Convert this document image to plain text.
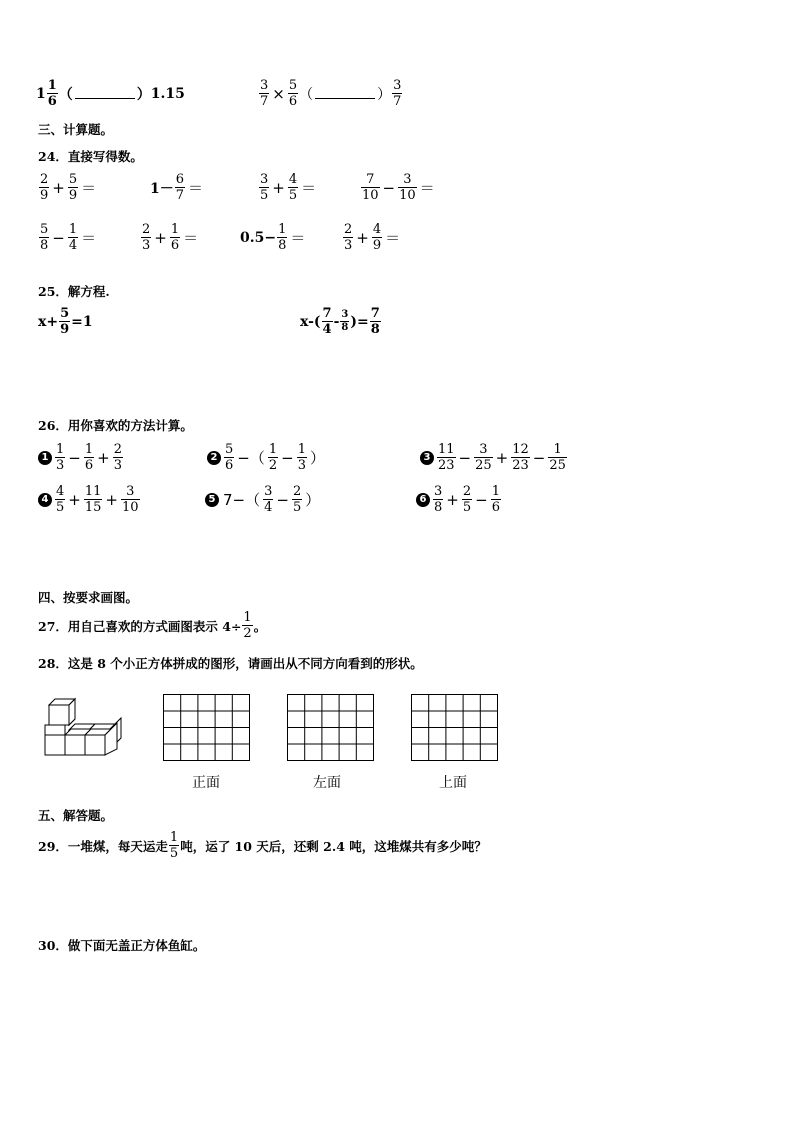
$1 \frac{1}{6}$ （	） 1.15	$\frac{3}{7} \times \frac{5}{6}$ （	） $\frac{3}{7}$
三、计算题。
24．直接写得数。
$\frac{2}{9} + \frac{5}{9}$ ＝	$1- \frac{6}{7}$ ＝	$\frac{3}{5} + \frac{4}{5}$ ＝	$\frac{7}{10} - \frac{3}{10}$ ＝
$\frac{5}{8} - \frac{1}{4}$ ＝	$\frac{2}{3} + \frac{1}{6}$ ＝	$0.5- \frac{1}{8}$ ＝	$\frac{2}{3} + \frac{4}{9}$ ＝
25．解方程.
$x+ \frac{5}{9} =1$	$x-( \frac{7}{4} - \frac{3}{8}$ )= $\frac{7}{8}$
26．用你喜欢的方法计算。
$1 \frac{1}{3} - \frac{1}{6} + \frac{2}{3}$	$2 \frac{5}{6}$ −（ $\frac{1}{2} - \frac{1}{3}$ ）	$3 \frac{11}{23} - \frac{3}{25} + \frac{12}{23} - \frac{1}{25}$
$4 \frac{4}{5} + \frac{11}{15} + \frac{3}{10}$	5 $7-( \frac{3}{4} - \frac{2}{5}$ ）	$6 \frac{3}{8} + \frac{2}{5} - \frac{1}{6}$
四、按要求画图。
27．用自己喜欢的方式画图表示 $4\div \frac{1}{2}$ 。
28．这是 8 个小正方体拼成的图形，请画出从不同方向看到的形状。
正面	左面	上面
五、解答题。
29．一堆煤，每天运走 $\frac{1}{5}$ 吨，运了 10 天后，还剩 2.4 吨，这堆煤共有多少吨？
30．做下面无盖正方体鱼缸。
